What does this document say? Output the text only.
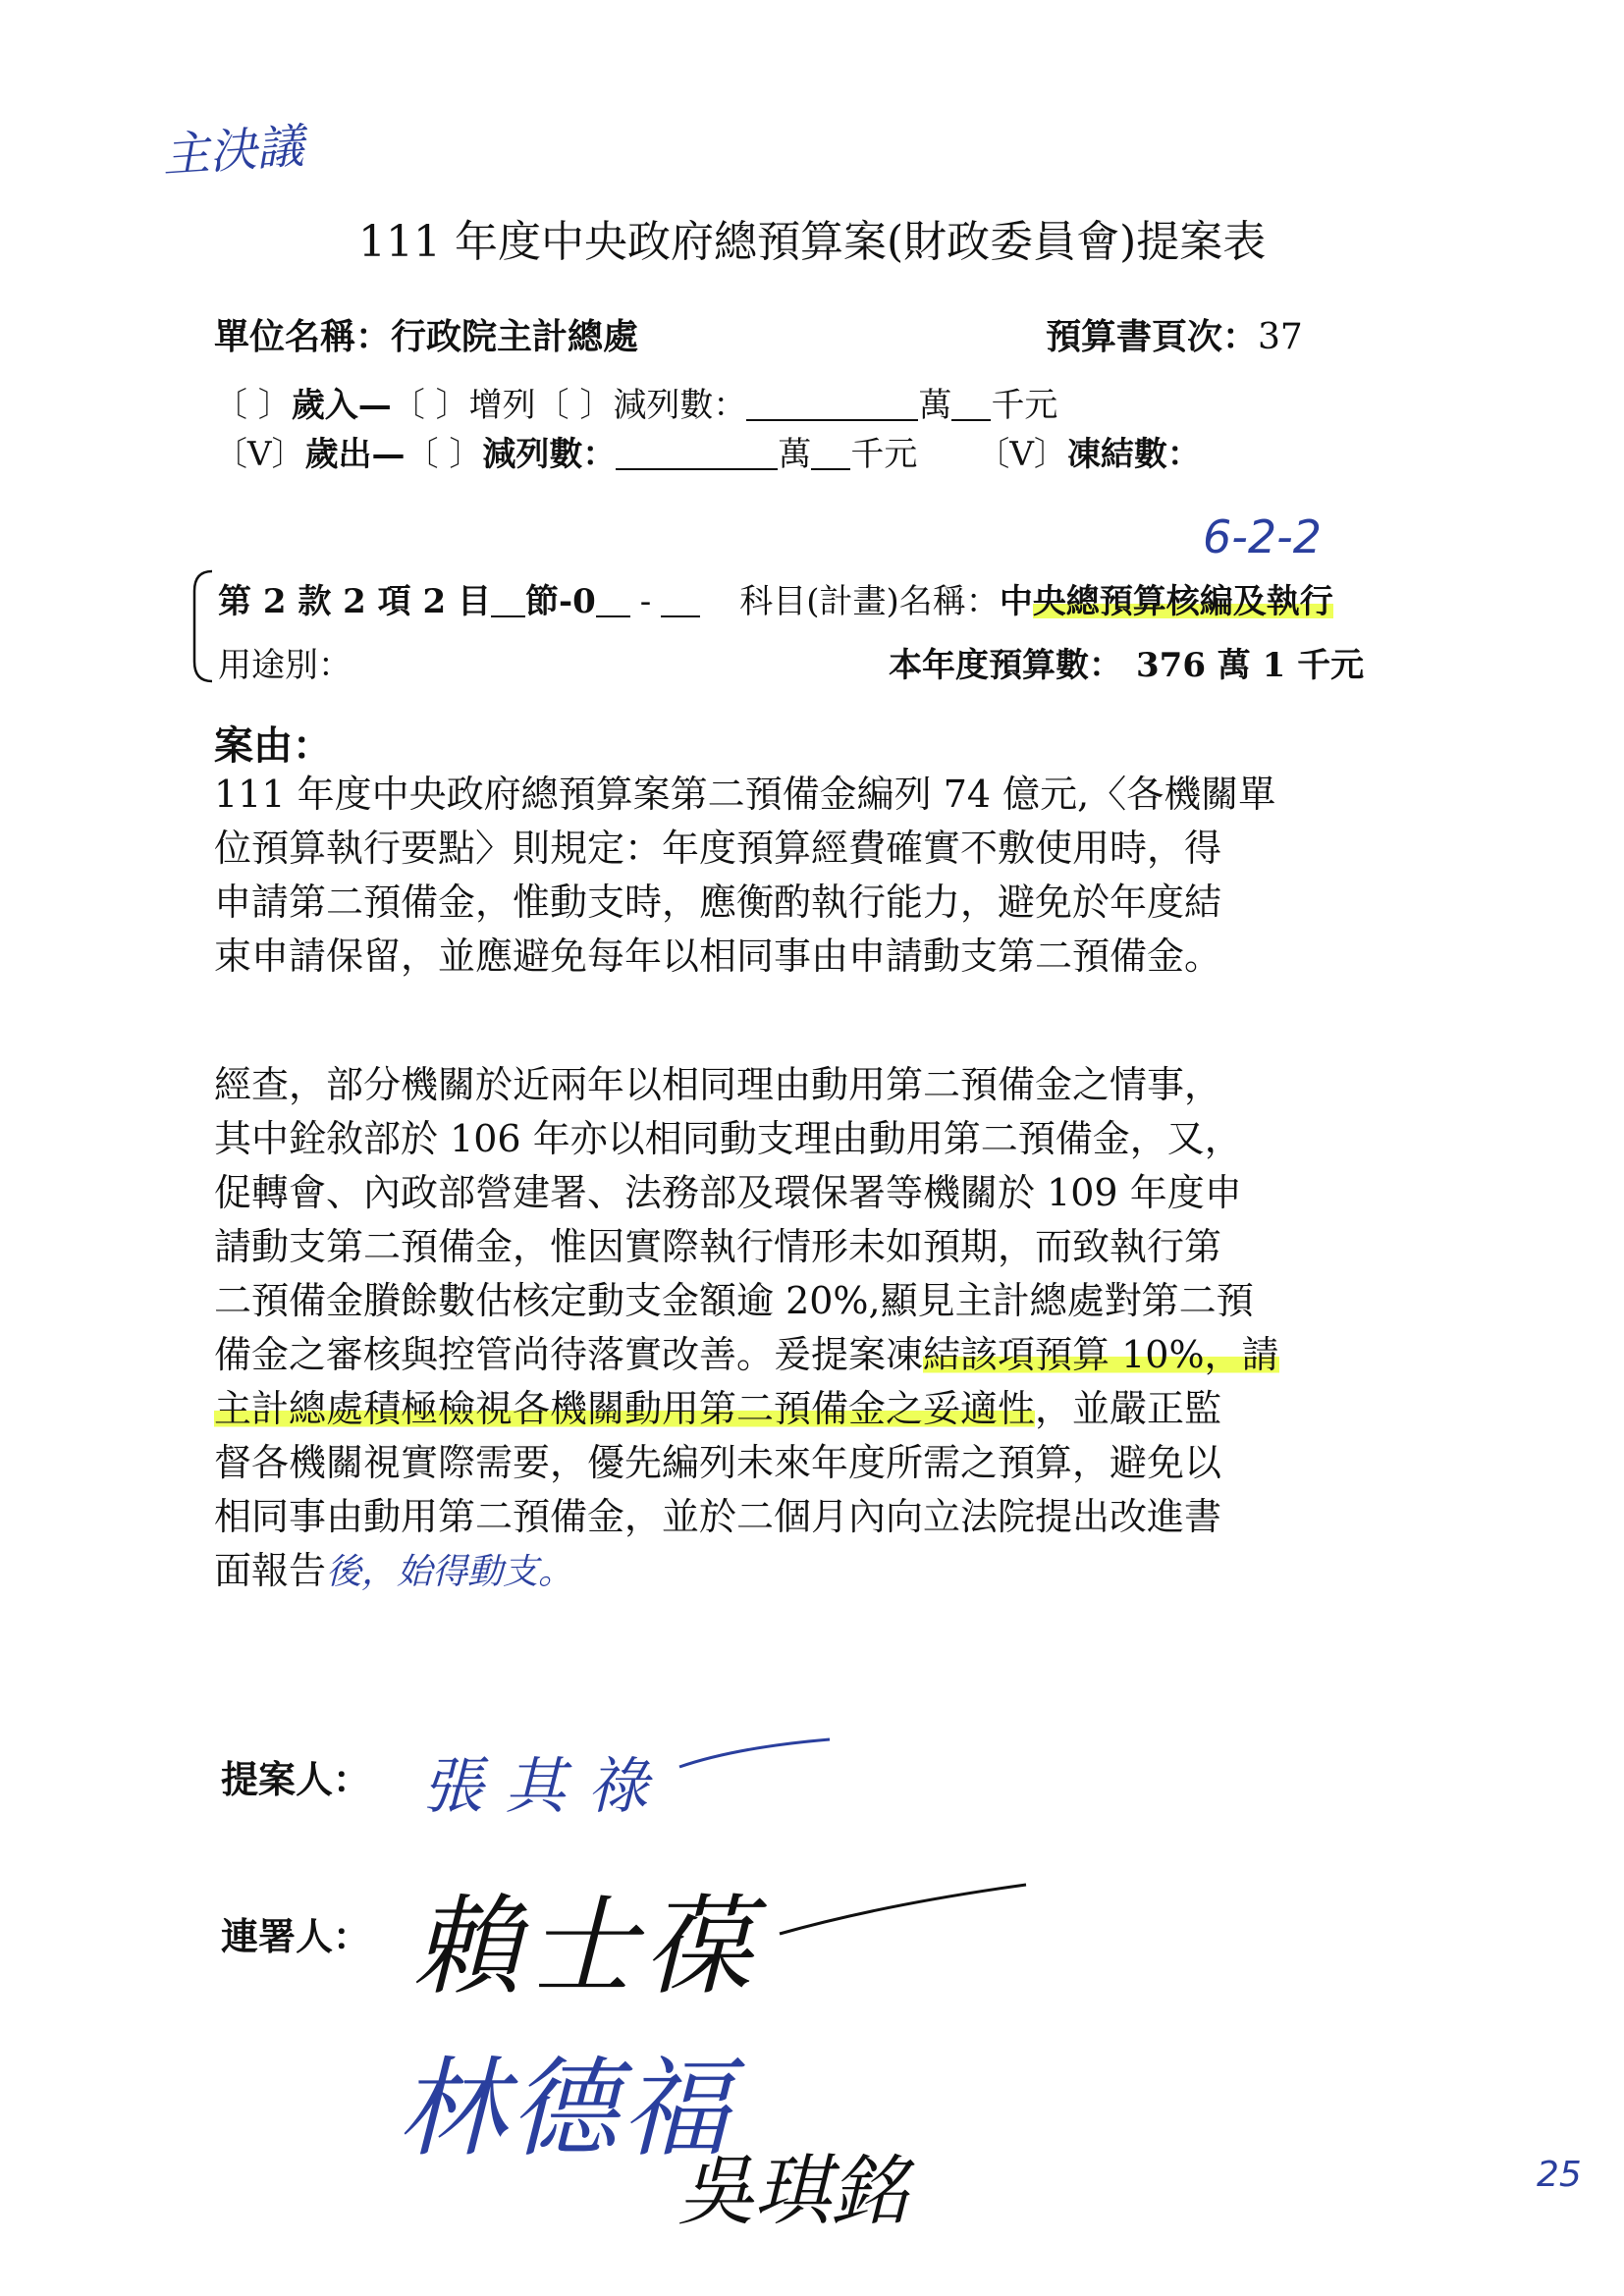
主決議
111 年度中央政府總預算案(財政委員會)提案表
單位名稱：行政院主計總處	預算書頁次：37
〔 〕歲入—〔 〕增列〔 〕減列數：	萬 千元
〔V〕歲出—〔 〕減列數：	萬 千元 〔V〕凍結數：
6-2-2
第 2 款 2 項 2 目 節-0 -	科目(計畫)名稱：中央總預算核編及執行
用途別：	本年度預算數： 376 萬 1 千元
案由：

111 年度中央政府總預算案第二預備金編列 74 億元,〈各機關單

位預算執行要點〉則規定：年度預算經費確實不敷使用時，得

申請第二預備金，惟動支時，應衡酌執行能力，避免於年度結

束申請保留，並應避免每年以相同事由申請動支第二預備金。

經查，部分機關於近兩年以相同理由動用第二預備金之情事，

其中銓敘部於 106 年亦以相同動支理由動用第二預備金，又，

促轉會、內政部營建署、法務部及環保署等機關於 109 年度申

請動支第二預備金，惟因實際執行情形未如預期，而致執行第

二預備金賸餘數估核定動支金額逾 20%,顯見主計總處對第二預

備金之審核與控管尚待落實改善。爰提案凍結該項預算 10%，請

主計總處積極檢視各機關動用第二預備金之妥適性，並嚴正監

督各機關視實際需要，優先編列未來年度所需之預算，避免以

相同事由動用第二預備金，並於二個月內向立法院提出改進書

面報告後，始得動支。

提案人： 張其祿
連署人： 賴士葆
林德福
吳琪銘	25
